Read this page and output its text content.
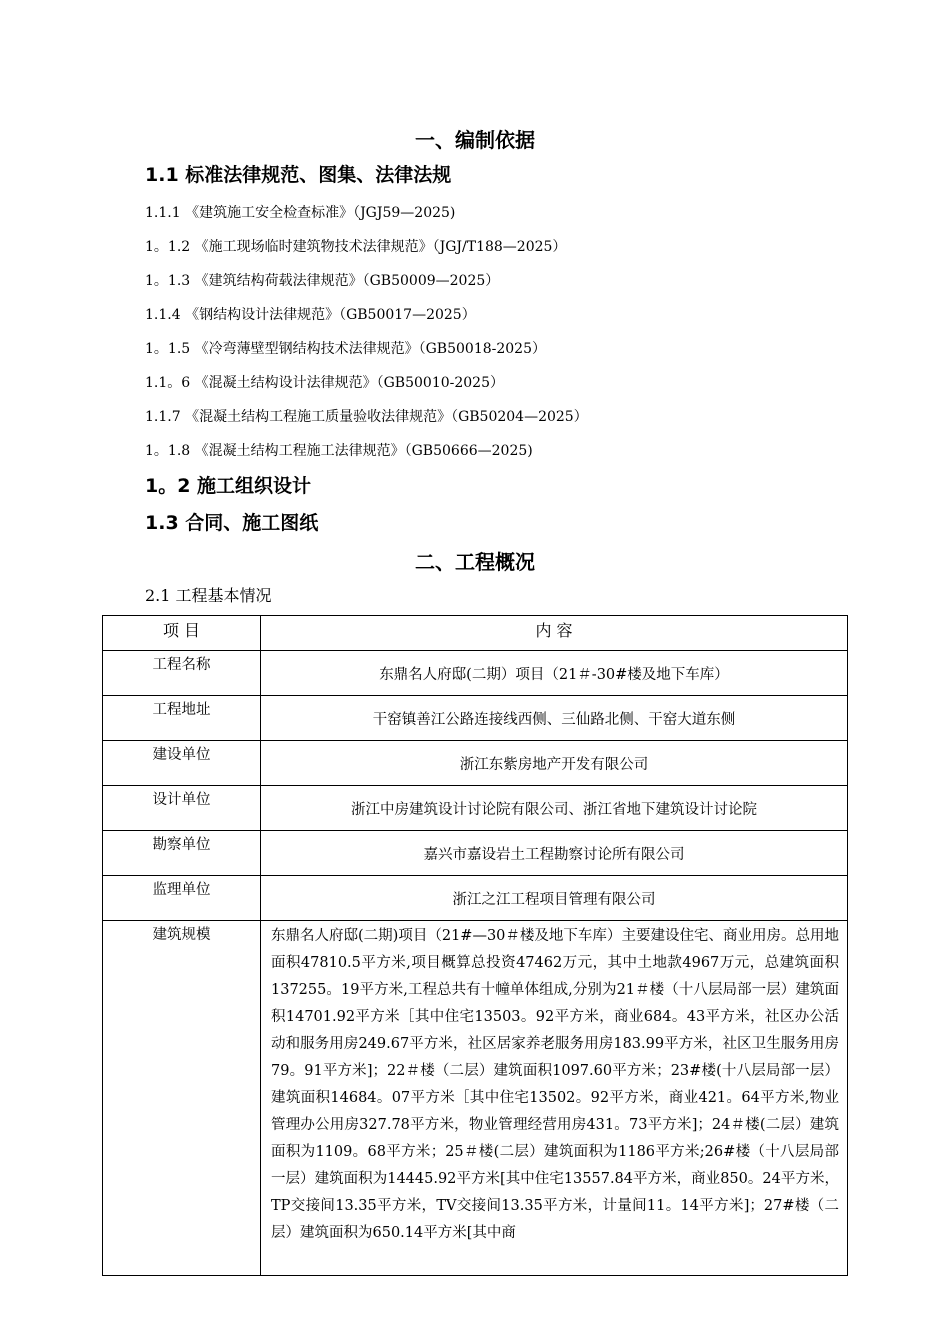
一、编制依据
1.1 标准法律规范、图集、法律法规
1.1.1 《建筑施工安全检查标准》（JGJ59—2025)
1。1.2 《施工现场临时建筑物技术法律规范》（JGJ/T188—2025）
1。1.3 《建筑结构荷载法律规范》（GB50009—2025）
1.1.4 《钢结构设计法律规范》（GB50017—2025）
1。1.5 《冷弯薄壁型钢结构技术法律规范》（GB50018-2025）
1.1。6 《混凝土结构设计法律规范》（GB50010-2025）
1.1.7 《混凝土结构工程施工质量验收法律规范》（GB50204—2025）
1。1.8 《混凝土结构工程施工法律规范》（GB50666—2025)
1。2 施工组织设计
1.3 合同、施工图纸
二、工程概况
2.1 工程基本情况
项 目	内 容
工程名称	东鼎名人府邸(二期）项目（21＃-30#楼及地下车库）
工程地址	干窑镇善江公路连接线西侧、三仙路北侧、干窑大道东侧
建设单位	浙江东紫房地产开发有限公司
设计单位	浙江中房建筑设计讨论院有限公司、浙江省地下建筑设计讨论院
勘察单位	嘉兴市嘉设岩土工程勘察讨论所有限公司
监理单位	浙江之江工程项目管理有限公司
建筑规模	东鼎名人府邸(二期)项目（21#—30＃楼及地下车库）主要建设住宅、商业用房。总用地面积47810.5平方米,项目概算总投资47462万元，其中土地款4967万元，总建筑面积137255。19平方米,工程总共有十幢单体组成,分别为21＃楼（十八层局部一层）建筑面积14701.92平方米［其中住宅13503。92平方米，商业684。43平方米，社区办公活动和服务用房249.67平方米，社区居家养老服务用房183.99平方米，社区卫生服务用房79。91平方米]；22＃楼（二层）建筑面积1097.60平方米；23#楼(十八层局部一层）建筑面积14684。07平方米［其中住宅13502。92平方米，商业421。64平方米,物业管理办公用房327.78平方米，物业管理经营用房431。73平方米]；24＃楼(二层）建筑面积为1109。68平方米；25＃楼(二层）建筑面积为1186平方米;26#楼（十八层局部一层）建筑面积为14445.92平方米[其中住宅13557.84平方米，商业850。24平方米，TP交接间13.35平方米，TV交接间13.35平方米，计量间11。14平方米]；27#楼（二层）建筑面积为650.14平方米[其中商
